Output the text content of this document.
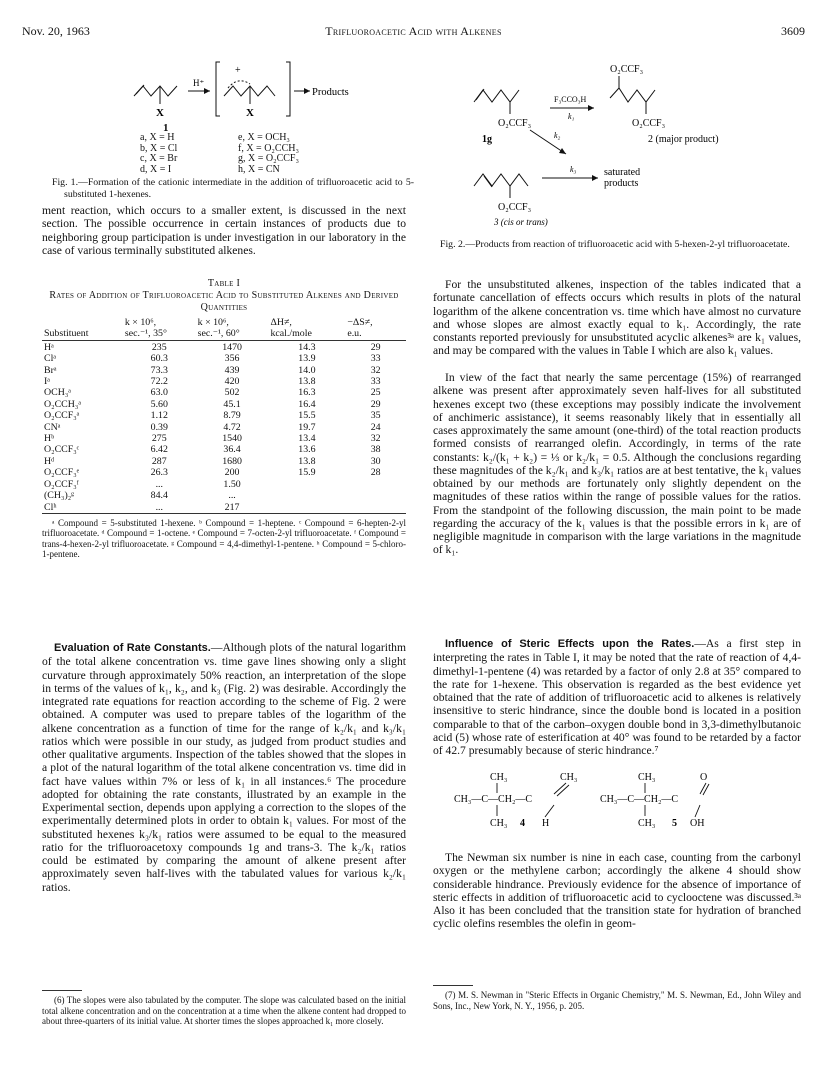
Nov. 20, 1963	Trifluoroacetic Acid with Alkenes	3609
X
H⁺
+
X
Products
1
a, X = H
b, X = Cl
c, X = Br
d, X = I
e, X = OCH₃
f, X = O₂CCH₃
g, X = O₂CCF₃
h, X = CN
Fig. 1.—Formation of the cationic intermediate in the addition of trifluoroacetic acid to 5-substituted 1-hexenes.
ment reaction, which occurs to a smaller extent, is discussed in the next section. The possible occurrence in certain instances of products due to neighboring group participation is under investigation in our laboratory in the case of various terminally substituted alkenes.
Table I
Rates of Addition of Trifluoroacetic Acid to Substituted Alkenes and Derived Quantities
	k × 10⁶,	k × 10⁶,	ΔH≠,	−ΔS≠,
Substituent	sec.⁻¹, 35°	sec.⁻¹, 60°	kcal./mole	e.u.
Hᵃ	235	1470	14.3	29
Clᵃ	60.3	356	13.9	33
Brᵃ	73.3	439	14.0	32
Iᵃ	72.2	420	13.8	33
OCH₃ᵃ	63.0	502	16.3	25
O₂CCH₃ᵃ	5.60	45.1	16.4	29
O₂CCF₃ᵃ	1.12	8.79	15.5	35
CNᵃ	0.39	4.72	19.7	24
Hᵇ	275	1540	13.4	32
O₂CCF₃ᶜ	6.42	36.4	13.6	38
Hᵈ	287	1680	13.8	30
O₂CCF₃ᵉ	26.3	200	15.9	28
O₂CCF₃ᶠ	...	1.50		
(CH₃)₂ᵍ	84.4	...		
Clʰ	...	217		

ᵃ Compound = 5-substituted 1-hexene. ᵇ Compound = 1-heptene. ᶜ Compound = 6-hepten-2-yl trifluoroacetate. ᵈ Compound = 1-octene. ᵉ Compound = 7-octen-2-yl trifluoroacetate. ᶠ Compound = trans-4-hexen-2-yl trifluoroacetate. ᵍ Compound = 4,4-dimethyl-1-pentene. ʰ Compound = 5-chloro-1-pentene.
Evaluation of Rate Constants.—Although plots of the natural logarithm of the total alkene concentration vs. time gave lines showing only a slight curvature through approximately 50% reaction, an interpretation of the slope in terms of the values of k₁, k₂, and k₃ (Fig. 2) was desirable. Accordingly the integrated rate equations for reaction according to the scheme of Fig. 2 were obtained. A computer was used to prepare tables of the logarithm of the alkene concentration as a function of time for the range of k₂/k₁ and k₃/k₁ ratios which were possible in our study, as judged from product studies and other qualitative arguments. Inspection of the tables showed that the slopes in a plot of the natural logarithm of the total alkene concentration vs. time did in fact have values within 7% or less of k₁ in all instances.⁶ The procedure adopted for obtaining the rate constants, illustrated by an example in the Experimental section, depends upon applying a correction to the slopes of the experimentally determined plots in order to obtain k₁ values. For most of the substituted hexenes k₃/k₁ ratios were assumed to be equal to the measured ratio for the trifluoroacetoxy compounds 1g and trans-3. The k₂/k₁ ratios could be estimated by comparing the amount of alkene present after approximately seven half-lives with the tabulated values for various k₂/k₁ ratios.
(6) The slopes were also tabulated by the computer. The slope was calculated based on the initial total alkene concentration and on the concentration at a time when the alkene content had dropped to about three-quarters of its initial value. At shorter times the slopes approached k₁ more closely.
O₂CCF₃
1g
F₃CCO₃H
k₁
O₂CCF₃
O₂CCF₃
2 (major product)
k₂
O₂CCF₃
3 (cis or trans)
k₃	saturated
products
Fig. 2.—Products from reaction of trifluoroacetic acid with 5-hexen-2-yl trifluoroacetate.
For the unsubstituted alkenes, inspection of the tables indicated that a fortunate cancellation of effects occurs which results in plots of the natural logarithm of the alkene concentration vs. time which have almost no curvature and whose slopes are almost exactly equal to k₁. Accordingly, the rate constants reported previously for unsubstituted acyclic alkenes³ᵃ are k₁ values, and may be compared with the values in Table I which are also k₁ values.
In view of the fact that nearly the same percentage (15%) of rearranged alkene was present after approximately seven half-lives for all substituted hexenes except two (these exceptions may possibly indicate the involvement of anchimeric assistance), it seems reasonably likely that in essentially all cases approximately the same amount (one-third) of the total reaction products formed consists of rearranged olefin. Accordingly, in terms of the rate constants: k₂/(k₁ + k₂) = ⅓ or k₂/k₁ = 0.5. Although the conclusions regarding these magnitudes of the k₂/k₁ and k₃/k₁ ratios are at best tentative, the k₁ values obtained by our methods are fortunately only slightly dependent on the magnitudes of these ratios within the range of possible values for the ratios. From the standpoint of the following discussion, the main point to be made regarding the accuracy of the k₁ values is that the possible errors in k₁ are of negligible magnitude in comparison with the large variations in the magnitude of k₁.
Influence of Steric Effects upon the Rates.—As a first step in interpreting the rates in Table I, it may be noted that the rate of reaction of 4,4-dimethyl-1-pentene (4) was retarded by a factor of only 2.8 at 35° compared to the rate for 1-hexene. This observation is regarded as the best evidence yet obtained that the rate of addition of trifluoroacetic acid to alkenes is relatively insensitive to steric hindrance, since the double bond is located in a position comparable to that of the carbon–oxygen double bond in 3,3-dimethylbutanoic acid (5) whose rate of esterification at 40° was found to be retarded by a factor of 42.7 presumably because of steric hindrance.⁷
CH₃
CH₃—C—CH₂—C
CH₃ 4 H
CH₃	CH₃
CH₃—C—CH₂—C
CH₃ 5 OH
O
The Newman six number is nine in each case, counting from the carbonyl oxygen or the methylene carbon; accordingly the alkene 4 should show considerable hindrance. Previously evidence for the absence of importance of steric effects in addition of trifluoroacetic acid to cyclooctene was discussed.³ᵃ Also it has been concluded that the transition state for hydration of branched cyclic olefins resembles the olefin in geom-
(7) M. S. Newman in "Steric Effects in Organic Chemistry," M. S. Newman, Ed., John Wiley and Sons, Inc., New York, N. Y., 1956, p. 205.
